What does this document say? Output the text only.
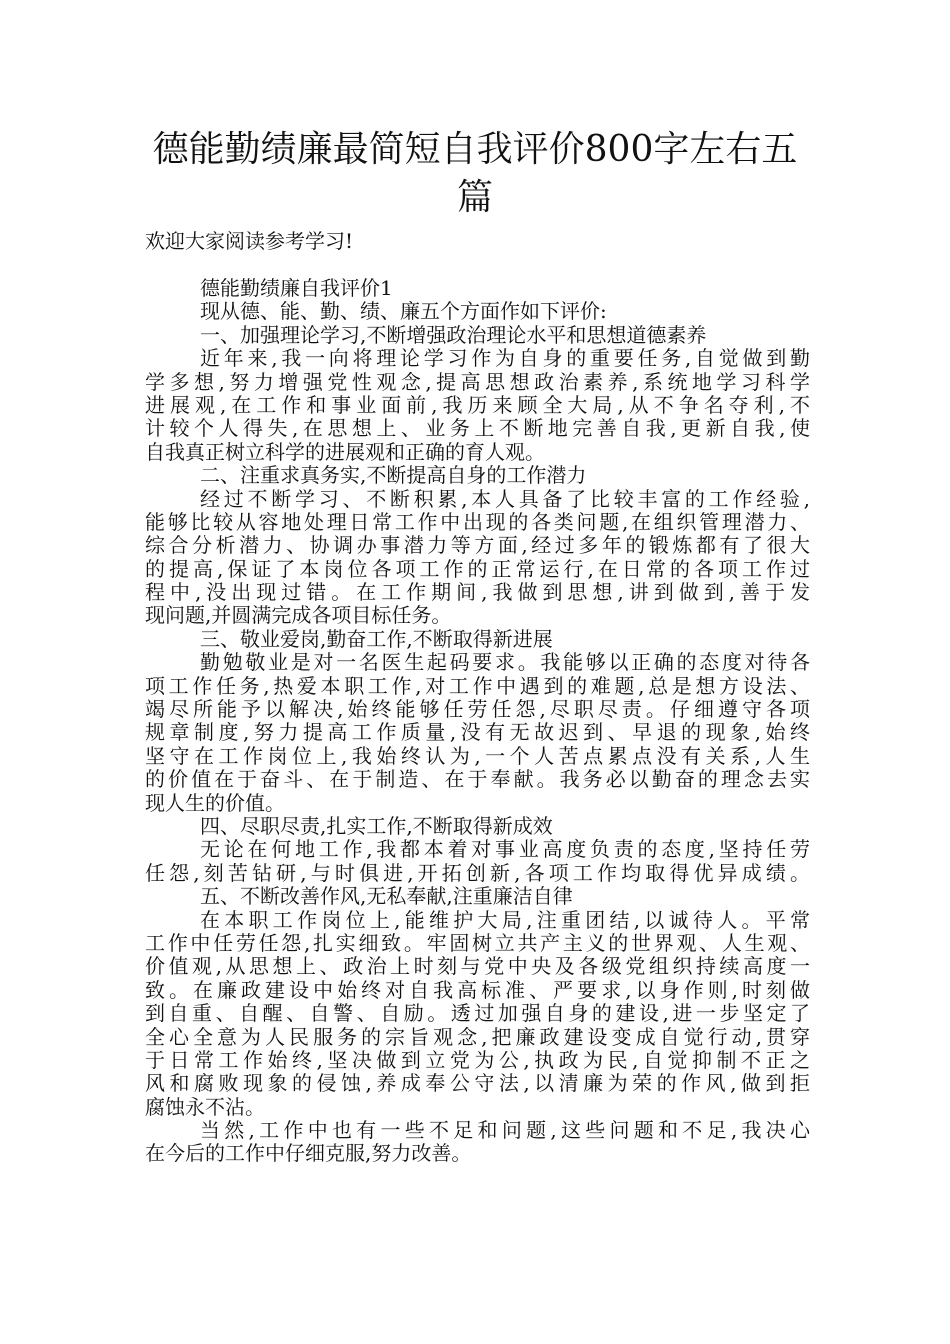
德能勤绩廉最简短自我评价800字左右五
篇

欢迎大家阅读参考学习!

德能勤绩廉自我评价1
现从德、能、勤、绩、廉五个方面作如下评价:
一、加强理论学习,不断增强政治理论水平和思想道德素养
近年来,我一向将理论学习作为自身的重要任务,自觉做到勤
学多想,努力增强党性观念,提高思想政治素养,系统地学习科学
进展观,在工作和事业面前,我历来顾全大局,从不争名夺利,不
计较个人得失,在思想上、业务上不断地完善自我,更新自我,使
自我真正树立科学的进展观和正确的育人观。
二、注重求真务实,不断提高自身的工作潜力
经过不断学习、不断积累,本人具备了比较丰富的工作经验,
能够比较从容地处理日常工作中出现的各类问题,在组织管理潜力、
综合分析潜力、协调办事潜力等方面,经过多年的锻炼都有了很大
的提高,保证了本岗位各项工作的正常运行,在日常的各项工作过
程中,没出现过错。在工作期间,我做到思想,讲到做到,善于发
现问题,并圆满完成各项目标任务。
三、敬业爱岗,勤奋工作,不断取得新进展
勤勉敬业是对一名医生起码要求。我能够以正确的态度对待各
项工作任务,热爱本职工作,对工作中遇到的难题,总是想方设法、
竭尽所能予以解决,始终能够任劳任怨,尽职尽责。仔细遵守各项
规章制度,努力提高工作质量,没有无故迟到、早退的现象,始终
坚守在工作岗位上,我始终认为,一个人苦点累点没有关系,人生
的价值在于奋斗、在于制造、在于奉献。我务必以勤奋的理念去实
现人生的价值。
四、尽职尽责,扎实工作,不断取得新成效
无论在何地工作,我都本着对事业高度负责的态度,坚持任劳
任怨,刻苦钻研,与时俱进,开拓创新,各项工作均取得优异成绩。
五、不断改善作风,无私奉献,注重廉洁自律
在本职工作岗位上,能维护大局,注重团结,以诚待人。平常
工作中任劳任怨,扎实细致。牢固树立共产主义的世界观、人生观、
价值观,从思想上、政治上时刻与党中央及各级党组织持续高度一
致。在廉政建设中始终对自我高标准、严要求,以身作则,时刻做
到自重、自醒、自警、自励。透过加强自身的建设,进一步坚定了
全心全意为人民服务的宗旨观念,把廉政建设变成自觉行动,贯穿
于日常工作始终,坚决做到立党为公,执政为民,自觉抑制不正之
风和腐败现象的侵蚀,养成奉公守法,以清廉为荣的作风,做到拒
腐蚀永不沾。
当然,工作中也有一些不足和问题,这些问题和不足,我决心
在今后的工作中仔细克服,努力改善。
